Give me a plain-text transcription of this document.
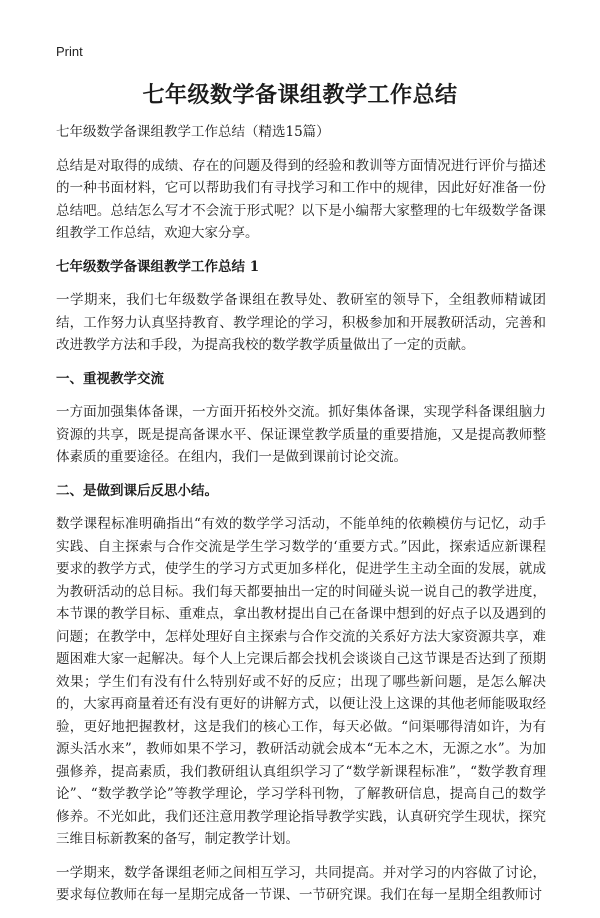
Print
七年级数学备课组教学工作总结

七年级数学备课组教学工作总结（精选15篇）

总结是对取得的成绩、存在的问题及得到的经验和教训等方面情况进行评价与描述的一种书面材料，它可以帮助我们有寻找学习和工作中的规律，因此好好准备一份总结吧。总结怎么写才不会流于形式呢？以下是小编帮大家整理的七年级数学备课组教学工作总结，欢迎大家分享。

七年级数学备课组教学工作总结 1

一学期来，我们七年级数学备课组在教导处、教研室的领导下，全组教师精诚团结，工作努力认真坚持教育、教学理论的学习，积极参加和开展教研活动，完善和改进教学方法和手段，为提高我校的数学教学质量做出了一定的贡献。

一、重视教学交流

一方面加强集体备课，一方面开拓校外交流。抓好集体备课，实现学科备课组脑力资源的共享，既是提高备课水平、保证课堂教学质量的重要措施，又是提高教师整体素质的重要途径。在组内，我们一是做到课前讨论交流。

二、是做到课后反思小结。

数学课程标准明确指出“有效的数学学习活动，不能单纯的依赖模仿与记忆，动手实践、自主探索与合作交流是学生学习数学的‘重要方式。”因此，探索适应新课程要求的教学方式，使学生的学习方式更加多样化，促进学生主动全面的发展，就成为教研活动的总目标。我们每天都要抽出一定的时间碰头说一说自己的教学进度，本节课的教学目标、重难点，拿出教材提出自己在备课中想到的好点子以及遇到的问题；在教学中，怎样处理好自主探索与合作交流的关系好方法大家资源共享，难题困难大家一起解决。每个人上完课后都会找机会谈谈自己这节课是否达到了预期效果；学生们有没有什么特别好或不好的反应；出现了哪些新问题，是怎么解决的，大家再商量着还有没有更好的讲解方式，以便让没上这课的其他老师能吸取经验，更好地把握教材，这是我们的核心工作，每天必做。“问渠哪得清如许，为有源头活水来”，教师如果不学习，教研活动就会成本“无本之木，无源之水”。为加强修养，提高素质，我们教研组认真组织学习了“数学新课程标准”，“数学教育理论”、“数学教学论”等教学理论，学习学科刊物，了解教研信息，提高自己的数学修养。不光如此，我们还注意用教学理论指导教学实践，认真研究学生现状，探究三维目标新教案的备写，制定教学计划。

一学期来，数学备课组老师之间相互学习，共同提高。并对学习的内容做了讨论，要求每位教师在每一星期完成备一节课、一节研究课。我们在每一星期全组教师讨
